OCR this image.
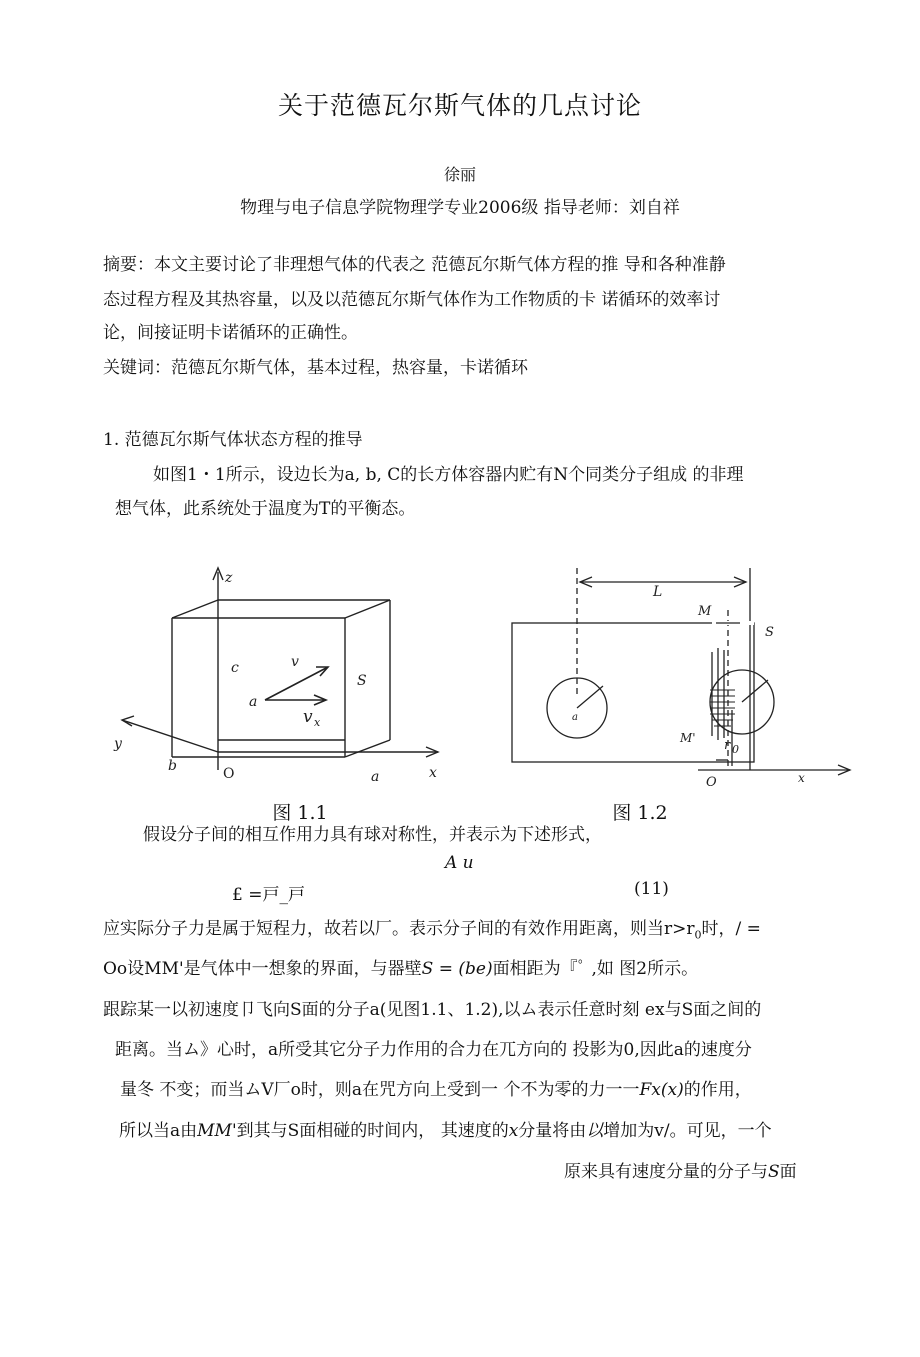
关于范德瓦尔斯气体的几点讨论
徐丽
物理与电子信息学院物理学专业2006级 指导老师：刘自祥
摘要：本文主要讨论了非理想气体的代表之 范德瓦尔斯气体方程的推 导和各种准静
态过程方程及其热容量，以及以范德瓦尔斯气体作为工作物质的卡 诺循环的效率讨
论，间接证明卡诺循环的正确性。
关键词：范德瓦尔斯气体，基本过程，热容量，卡诺循环
1. 范德瓦尔斯气体状态方程的推导
如图1・1所示，设边长为a, b, C的长方体容器内贮有N个同类分子组成 的非理
想气体，此系统处于温度为T的平衡态。
z
y
x
c
b	O	a
a
v
v x
S
图 1.1
L
M
S
a
M' r 0
O	x
图 1.2
假设分子间的相互作用力具有球对称性，并表示为下述形式，
A u
£ =戸_戸	(11)
应实际分子力是属于短程力，故若以厂。表示分子间的有效作用距离，则当$r>r_0$时，/ =
Oo设MM'是气体中一想象的界面，与器壁S = (be)面相距为『ﾟ ,如 图2所示。
跟踪某一以初速度卩飞向S面的分子a(见图1.1、1.2),以ム表示任意时刻 ex与S面之间的
距离。当ム》心时，a所受其它分子力作用的合力在兀方向的 投影为0,因此a的速度分
量冬 不变；而当ムV厂o时，则a在咒方向上受到一 个不为零的力一一Fx(x)的作用，
所以当a由MM'到其与S面相碰的时间内， 其速度的x分量将由以增加为v/。可见，一个
原来具有速度分量的分子与S面
